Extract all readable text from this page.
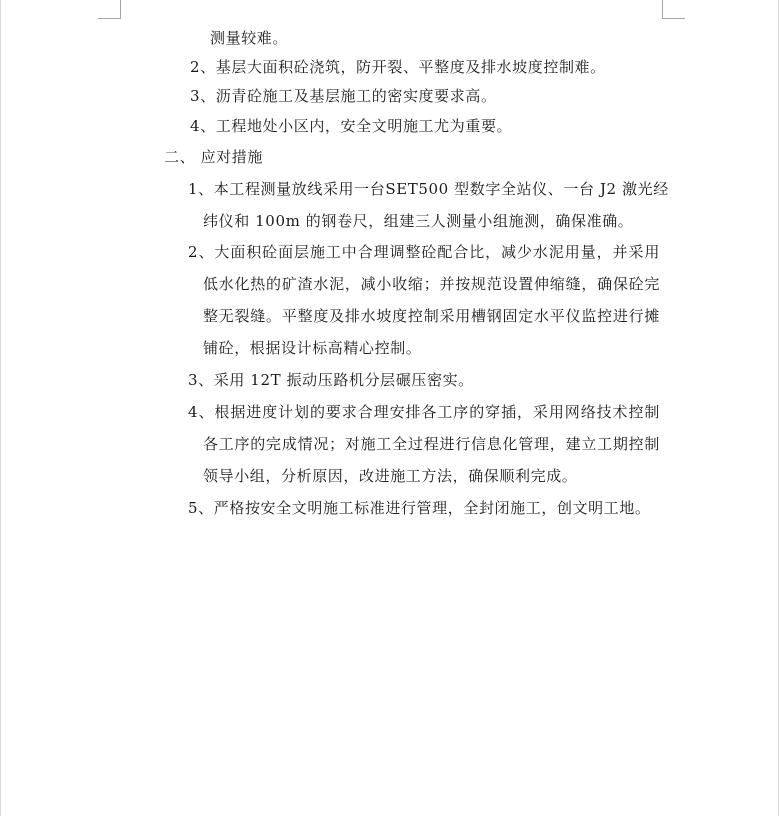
测量较难。
2、基层大面积砼浇筑，防开裂、平整度及排水坡度控制难。
3、沥青砼施工及基层施工的密实度要求高。
4、工程地处小区内，安全文明施工尤为重要。
二、 应对措施
1、本工程测量放线采用一台SET500 型数字全站仪、一台 J2 激光经
纬仪和 100m 的钢卷尺，组建三人测量小组施测，确保准确。
2、大面积砼面层施工中合理调整砼配合比，减少水泥用量，并采用
低水化热的矿渣水泥，减小收缩；并按规范设置伸缩缝，确保砼完
整无裂缝。平整度及排水坡度控制采用槽钢固定水平仪监控进行摊
铺砼，根据设计标高精心控制。
3、采用 12T 振动压路机分层碾压密实。
4、根据进度计划的要求合理安排各工序的穿插，采用网络技术控制
各工序的完成情况；对施工全过程进行信息化管理，建立工期控制
领导小组，分析原因，改进施工方法，确保顺利完成。
5、严格按安全文明施工标准进行管理，全封闭施工，创文明工地。
